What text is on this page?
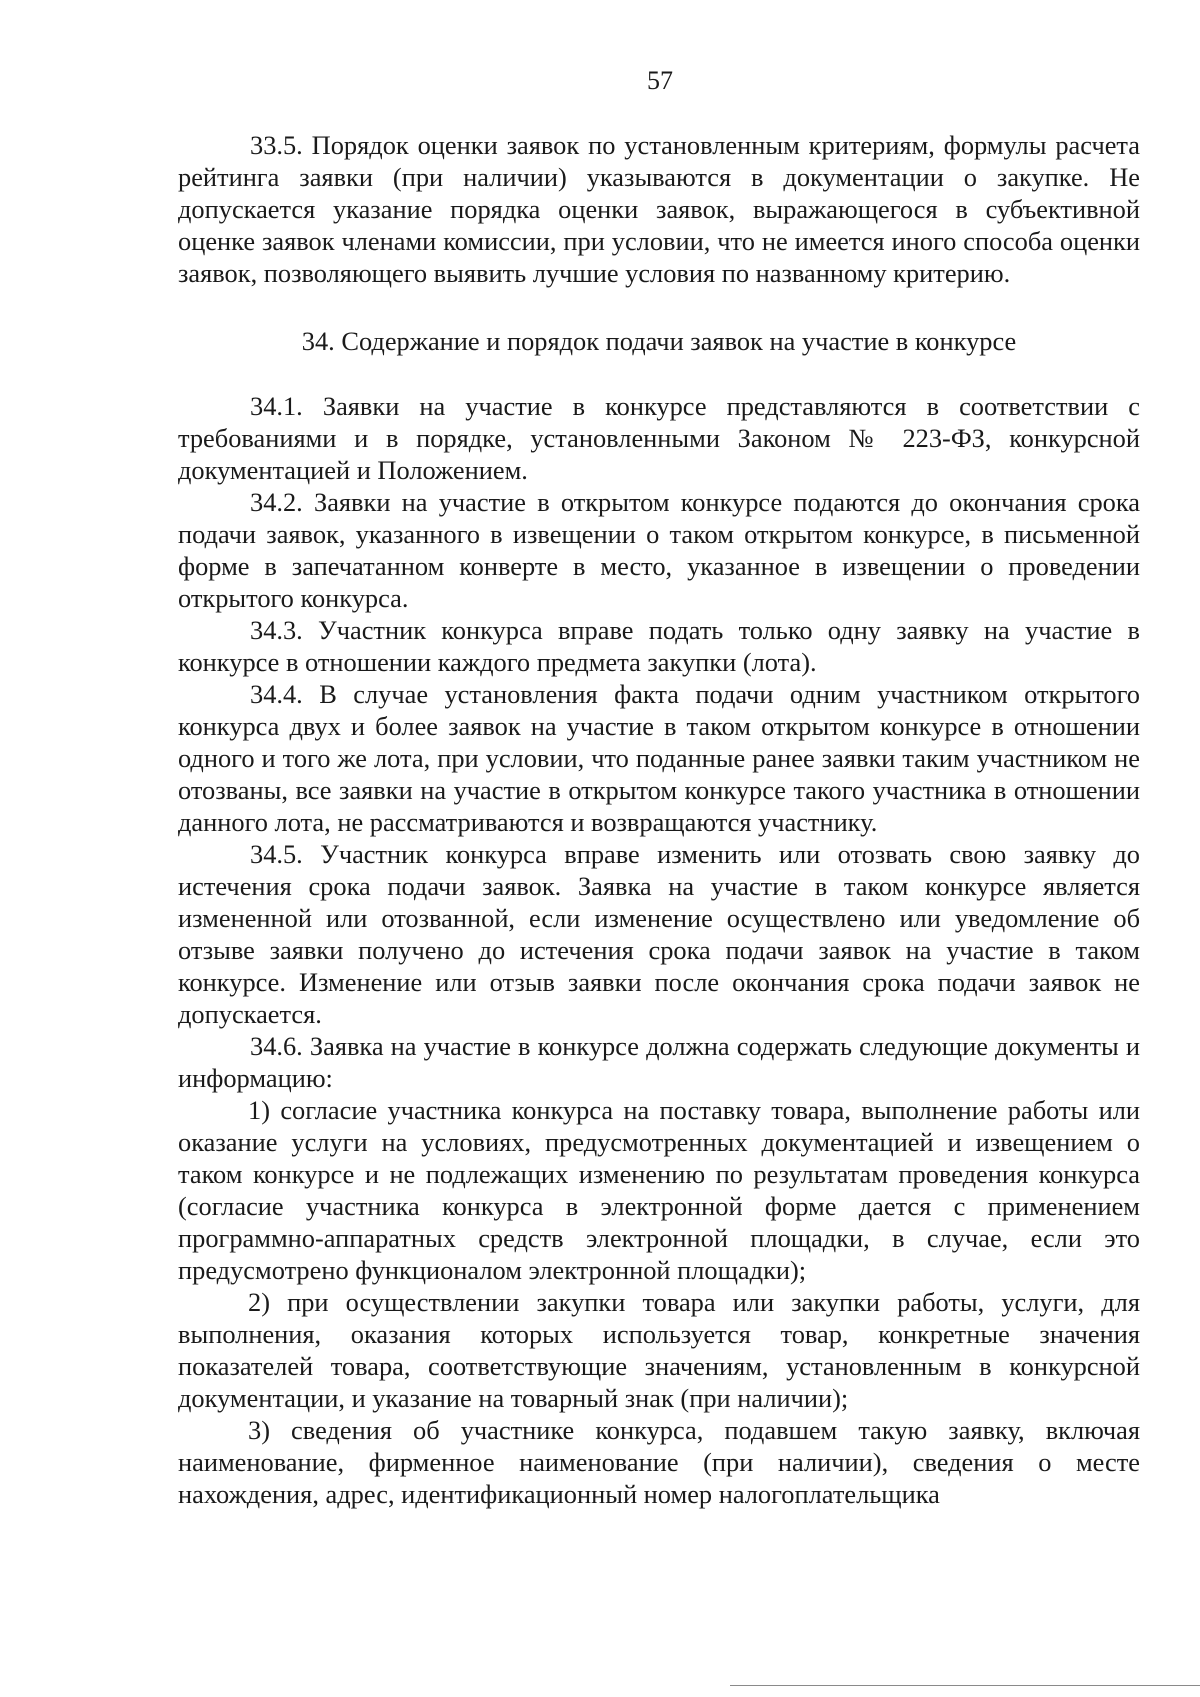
57

33.5. Порядок оценки заявок по установленным критериям, формулы расчета рейтинга заявки (при наличии) указываются в документации о закупке. Не допускается указание порядка оценки заявок, выражающегося в субъективной оценке заявок членами комиссии, при условии, что не имеется иного способа оценки заявок, позволяющего выявить лучшие условия по названному критерию.

34. Содержание и порядок подачи заявок на участие в конкурсе

34.1. Заявки на участие в конкурсе представляются в соответствии с требованиями и в порядке, установленными Законом № 223-ФЗ, конкурсной документацией и Положением.

34.2. Заявки на участие в открытом конкурсе подаются до окончания срока подачи заявок, указанного в извещении о таком открытом конкурсе, в письменной форме в запечатанном конверте в место, указанное в извещении о проведении открытого конкурса.

34.3. Участник конкурса вправе подать только одну заявку на участие в конкурсе в отношении каждого предмета закупки (лота).

34.4. В случае установления факта подачи одним участником открытого конкурса двух и более заявок на участие в таком открытом конкурсе в отношении одного и того же лота, при условии, что поданные ранее заявки таким участником не отозваны, все заявки на участие в открытом конкурсе такого участника в отношении данного лота, не рассматриваются и возвращаются участнику.

34.5. Участник конкурса вправе изменить или отозвать свою заявку до истечения срока подачи заявок. Заявка на участие в таком конкурсе является измененной или отозванной, если изменение осуществлено или уведомление об отзыве заявки получено до истечения срока подачи заявок на участие в таком конкурсе. Изменение или отзыв заявки после окончания срока подачи заявок не допускается.

34.6. Заявка на участие в конкурсе должна содержать следующие документы и информацию:

1) согласие участника конкурса на поставку товара, выполнение работы или оказание услуги на условиях, предусмотренных документацией и извещением о таком конкурсе и не подлежащих изменению по результатам проведения конкурса (согласие участника конкурса в электронной форме дается с применением программно-аппаратных средств электронной площадки, в случае, если это предусмотрено функционалом электронной площадки);

2) при осуществлении закупки товара или закупки работы, услуги, для выполнения, оказания которых используется товар, конкретные значения показателей товара, соответствующие значениям, установленным в конкурсной документации, и указание на товарный знак (при наличии);

3) сведения об участнике конкурса, подавшем такую заявку, включая наименование, фирменное наименование (при наличии), сведения о месте нахождения, адрес, идентификационный номер налогоплательщика
